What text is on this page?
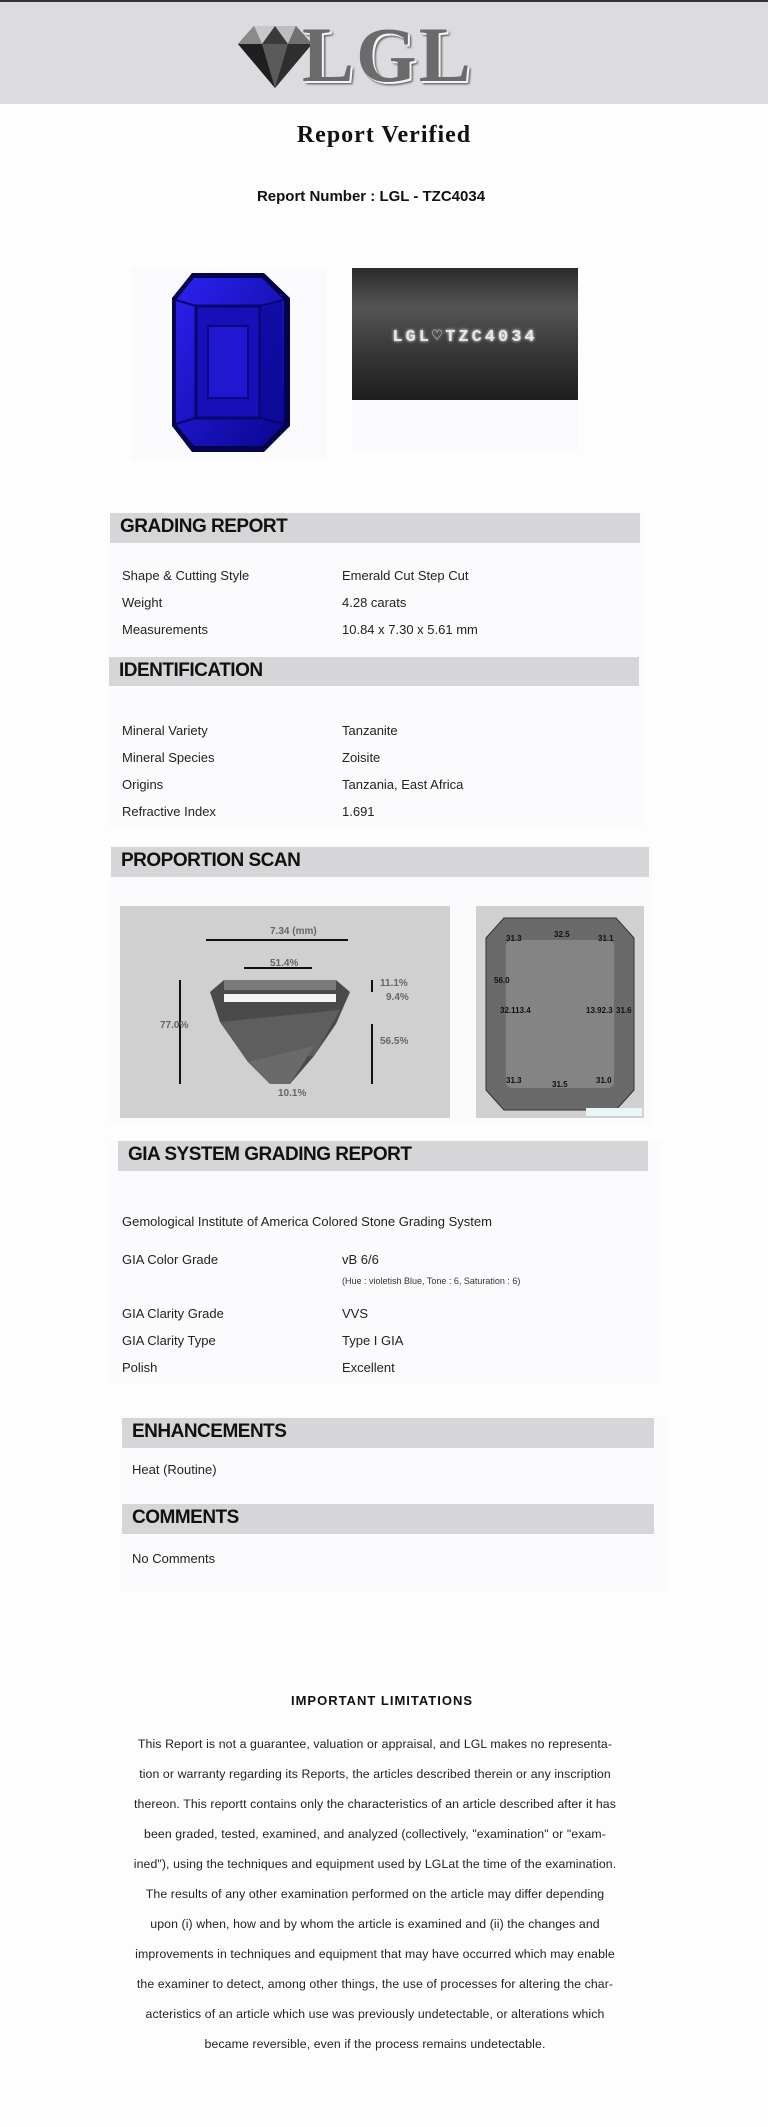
LGL
Report Verified
Report Number : LGL - TZC4034
LGL♡TZC4034
GRADING REPORT
Shape & Cutting Style	Emerald Cut Step Cut
Weight	4.28 carats
Measurements	10.84 x 7.30 x 5.61 mm
IDENTIFICATION
Mineral Variety	Tanzanite
Mineral Species	Zoisite
Origins	Tanzania, East Africa
Refractive Index	1.691
PROPORTION SCAN
7.34 (mm)
51.4%
11.1%
9.4%
77.0%
56.5%
10.1%
31.3	32.5	31.1
56.0
32.113.4	13.92.3 31.6
31.3	31.5	31.0
GIA SYSTEM GRADING REPORT
Gemological Institute of America Colored Stone Grading System
GIA Color Grade	vB 6/6
(Hue : violetish Blue, Tone : 6, Saturation : 6)
GIA Clarity Grade	VVS
GIA Clarity Type	Type I GIA
Polish	Excellent
ENHANCEMENTS
Heat (Routine)
COMMENTS
No Comments
IMPORTANT LIMITATIONS
This Report is not a guarantee, valuation or appraisal, and LGL makes no representa-
tion or warranty regarding its Reports, the articles described therein or any inscription
thereon. This reportt contains only the characteristics of an article described after it has
been graded, tested, examined, and analyzed (collectively, "examination" or "exam-
ined"), using the techniques and equipment used by LGLat the time of the examination.
The results of any other examination performed on the article may differ depending
upon (i) when, how and by whom the article is examined and (ii) the changes and
improvements in techniques and equipment that may have occurred which may enable
the examiner to detect, among other things, the use of processes for altering the char-
acteristics of an article which use was previously undetectable, or alterations which
became reversible, even if the process remains undetectable.
